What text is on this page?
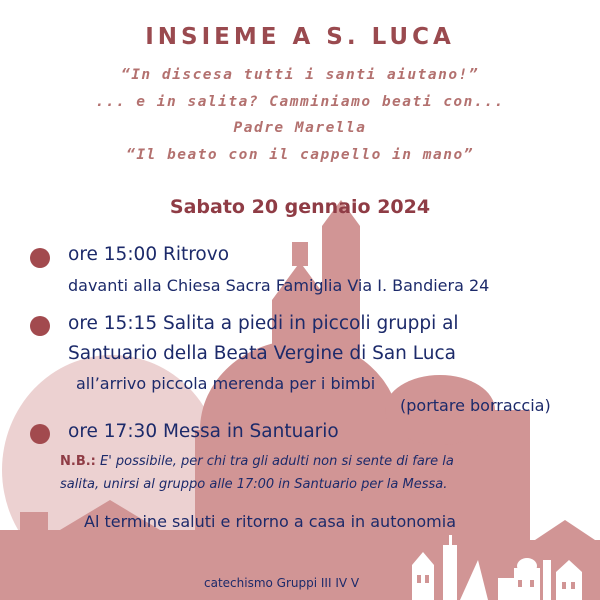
INSIEME A S. LUCA
“In discesa tutti i santi aiutano!”
... e in salita? Camminiamo beati con...
Padre Marella
“Il beato con il cappello in mano”
Sabato 20 gennaio 2024
ore 15:00 Ritrovo
davanti alla Chiesa Sacra Famiglia Via I. Bandiera 24
ore 15:15 Salita a piedi in piccoli gruppi al
Santuario della Beata Vergine di San Luca
all’arrivo piccola merenda per i bimbi
(portare borraccia)
ore 17:30 Messa in Santuario
N.B.: E' possibile, per chi tra gli adulti non si sente di fare la
salita, unirsi al gruppo alle 17:00 in Santuario per la Messa.
Al termine saluti e ritorno a casa in autonomia
catechismo Gruppi III IV V
